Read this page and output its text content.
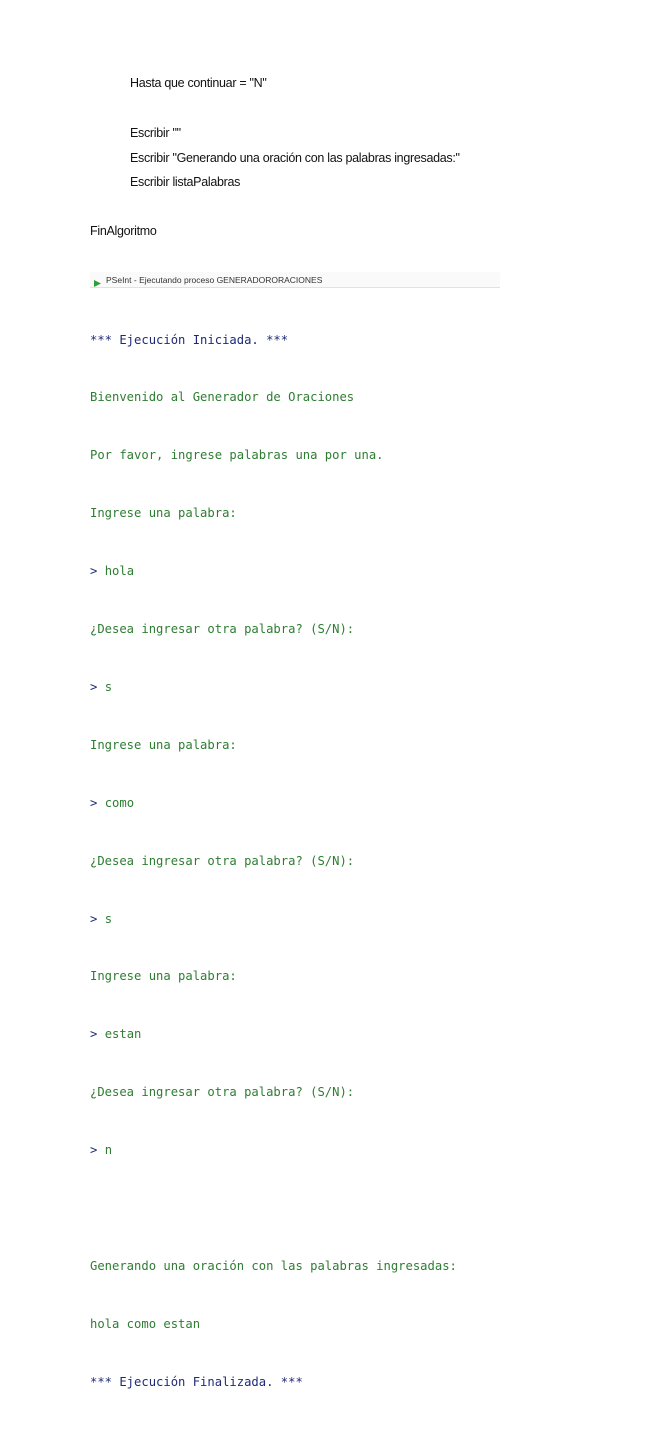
Hasta que continuar = "N"
Escribir ""
Escribir "Generando una oración con las palabras ingresadas:"
Escribir listaPalabras
FinAlgoritmo
PSeInt - Ejecutando proceso GENERADORORACIONES

*** Ejecución Iniciada. ***

Bienvenido al Generador de Oraciones

Por favor, ingrese palabras una por una.

Ingrese una palabra:

> hola

¿Desea ingresar otra palabra? (S/N):

> s

Ingrese una palabra:

> como

¿Desea ingresar otra palabra? (S/N):

> s

Ingrese una palabra:

> estan

¿Desea ingresar otra palabra? (S/N):

> n

Generando una oración con las palabras ingresadas:

hola como estan

*** Ejecución Finalizada. ***
